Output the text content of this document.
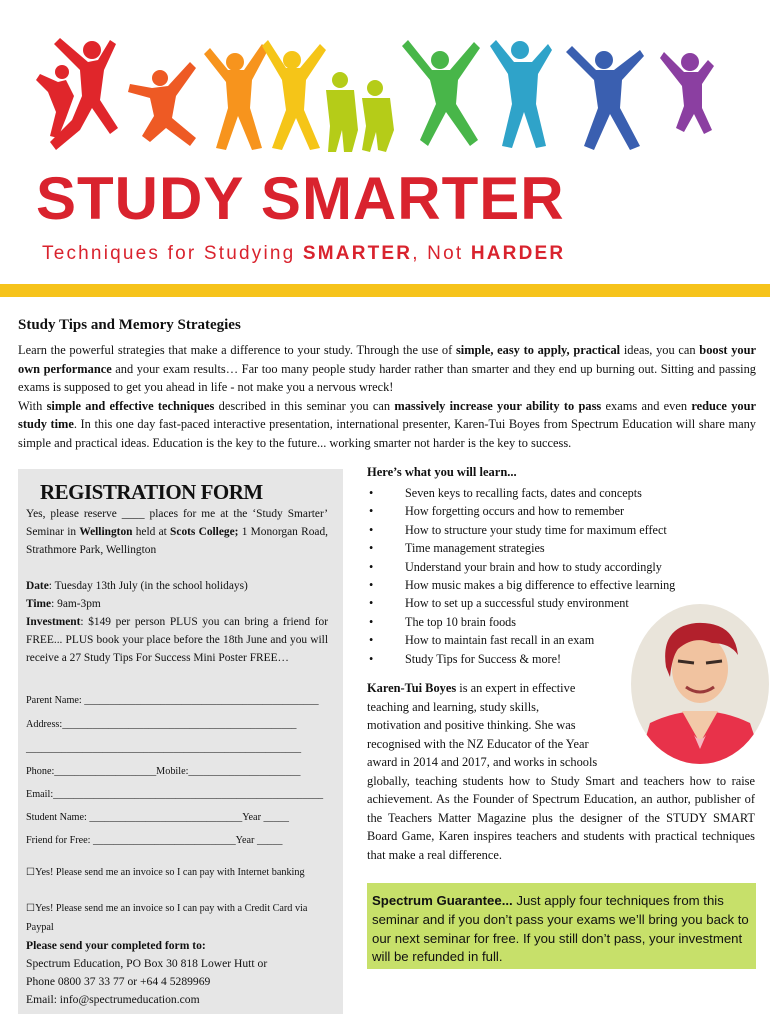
STUDY SMARTER
Techniques for Studying SMARTER, Not HARDER
Study Tips and Memory Strategies

Learn the powerful strategies that make a difference to your study. Through the use of simple, easy to apply, practical ideas, you can boost your own performance and your exam results… Far too many people study harder rather than smarter and they end up burning out. Sitting and passing exams is supposed to get you ahead in life - not make you a nervous wreck!

With simple and effective techniques described in this seminar you can massively increase your ability to pass exams and even reduce your study time. In this one day fast-paced interactive presentation, international presenter, Karen-Tui Boyes from Spectrum Education will share many simple and practical ideas. Education is the key to the future... working smarter not harder is the key to success.

REGISTRATION FORM

Yes, please reserve ____ places for me at the ‘Study Smarter’ Seminar in Wellington held at Scots College; 1 Monorgan Road, Strathmore Park, Wellington

Date: Tuesday 13th July (in the school holidays)

Time: 9am-3pm

Investment: $149 per person PLUS you can bring a friend for FREE... PLUS book your place before the 18th June and you will receive a 27 Study Tips For Success Mini Poster FREE…

Parent Name: ______________________________________________
Address:______________________________________________
______________________________________________________
Phone:____________________Mobile:______________________
Email:_____________________________________________________
Student Name: ______________________________Year _____
Friend for Free: ____________________________Year _____
☐Yes! Please send me an invoice so I can pay with Internet banking
☐Yes! Please send me an invoice so I can pay with a Credit Card via Paypal

Please send your completed form to:

Spectrum Education, PO Box 30 818 Lower Hutt or

Phone 0800 37 33 77 or +64 4 5289969

Email: info@spectrumeducation.com

Here’s what you will learn...
•	Seven keys to recalling facts, dates and concepts
•	How forgetting occurs and how to remember
•	How to structure your study time for maximum effect
•	Time management strategies
•	Understand your brain and how to study accordingly
•	How music makes a big difference to effective learning
•	How to set up a successful study environment
•	The top 10 brain foods
•	How to maintain fast recall in an exam
•	Study Tips for Success & more!
Karen-Tui Boyes is an expert in effective
teaching and learning, study skills,
motivation and positive thinking. She was
recognised with the NZ Educator of the Year
award in 2014 and 2017, and works in schools
globally, teaching students how to Study Smart and teachers how to raise achievement. As the Founder of Spectrum Education, an author, publisher of the Teachers Matter Magazine plus the designer of the STUDY SMART Board Game, Karen inspires teachers and students with practical techniques that make a real difference.
Spectrum Guarantee... Just apply four techniques from this seminar and if you don’t pass your exams we’ll bring you back to our next seminar for free. If you still don’t pass, your investment will be refunded in full.
